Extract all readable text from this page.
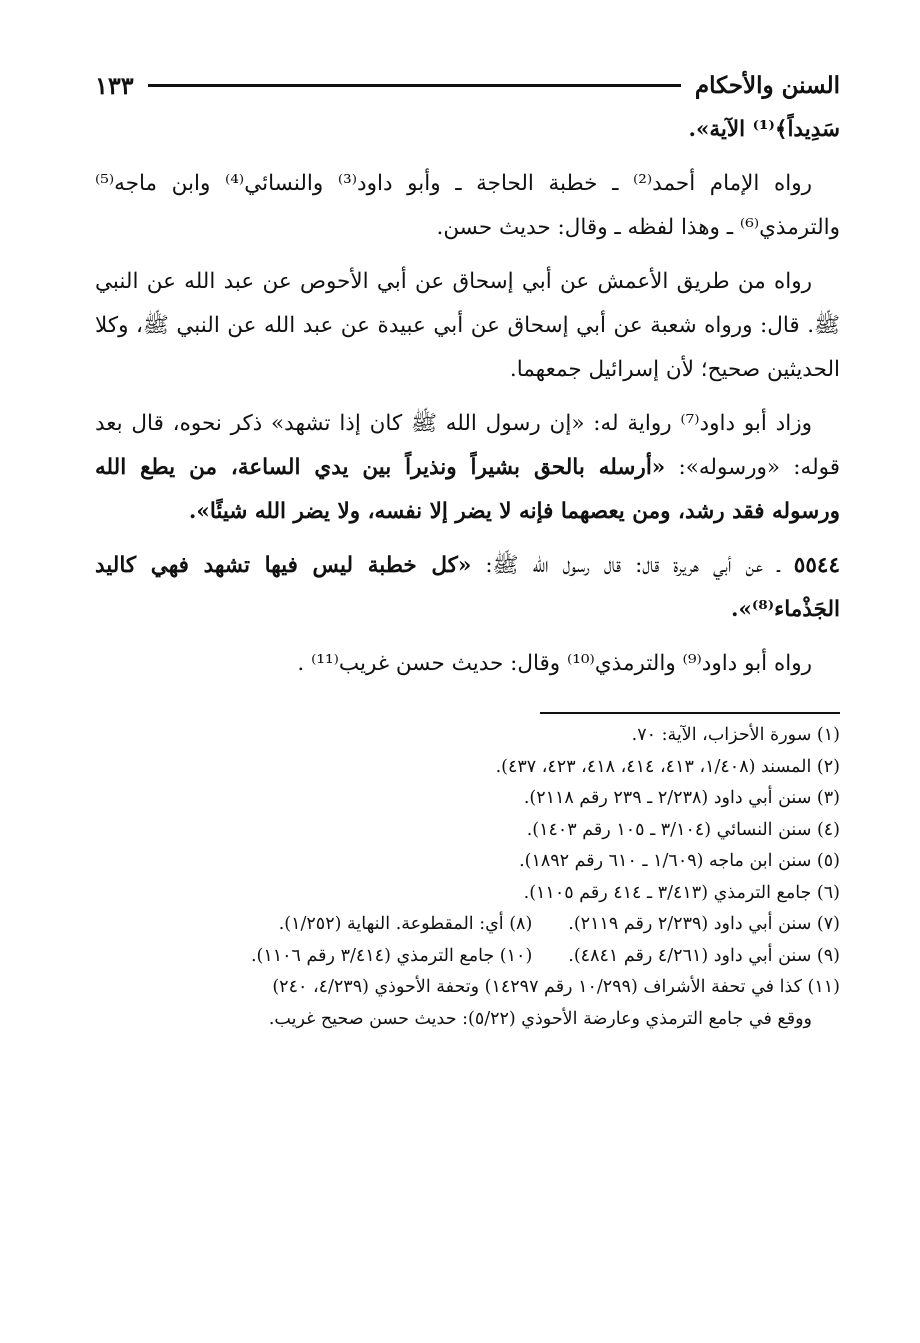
السنن والأحكام
١٣٣

سَدِيداً﴾⁽¹⁾ الآية».

رواه الإمام أحمد⁽²⁾ ـ خطبة الحاجة ـ وأبو داود⁽³⁾ والنسائي⁽⁴⁾ وابن ماجه⁽⁵⁾ والترمذي⁽⁶⁾ ـ وهذا لفظه ـ وقال: حديث حسن.

رواه من طريق الأعمش عن أبي إسحاق عن أبي الأحوص عن عبد الله عن النبي ﷺ. قال: ورواه شعبة عن أبي إسحاق عن أبي عبيدة عن عبد الله عن النبي ﷺ، وكلا الحديثين صحيح؛ لأن إسرائيل جمعهما.

وزاد أبو داود⁽⁷⁾ رواية له: «إن رسول الله ﷺ كان إذا تشهد» ذكر نحوه، قال بعد قوله: «ورسوله»: «أرسله بالحق بشيراً ونذيراً بين يدي الساعة، من يطع الله ورسوله فقد رشد، ومن يعصهما فإنه لا يضر إلا نفسه، ولا يضر الله شيئًا».

٥٥٤٤ ـ عن أبي هريرة قال: قال رسول الله ﷺ: «كل خطبة ليس فيها تشهد فهي كاليد الجَذْماء⁽⁸⁾».

رواه أبو داود⁽⁹⁾ والترمذي⁽¹⁰⁾ وقال: حديث حسن غريب⁽¹¹⁾ .

(١) سورة الأحزاب، الآية: ٧٠.
(٢) المسند (١/٤٠٨، ٤١٣، ٤١٤، ٤١٨، ٤٢٣، ٤٣٧).
(٣) سنن أبي داود (٢/٢٣٨ ـ ٢٣٩ رقم ٢١١٨).
(٤) سنن النسائي (٣/١٠٤ ـ ١٠٥ رقم ١٤٠٣).
(٥) سنن ابن ماجه (١/٦٠٩ ـ ٦١٠ رقم ١٨٩٢).
(٦) جامع الترمذي (٣/٤١٣ ـ ٤١٤ رقم ١١٠٥).
(٧) سنن أبي داود (٢/٢٣٩ رقم ٢١١٩).(٨) أي: المقطوعة. النهاية (١/٢٥٢).
(٩) سنن أبي داود (٤/٢٦١ رقم ٤٨٤١).(١٠) جامع الترمذي (٣/٤١٤ رقم ١١٠٦).
(١١) كذا في تحفة الأشراف (١٠/٢٩٩ رقم ١٤٢٩٧) وتحفة الأحوذي (٤/٢٣٩، ٢٤٠)
ووقع في جامع الترمذي وعارضة الأحوذي (٥/٢٢): حديث حسن صحيح غريب.
